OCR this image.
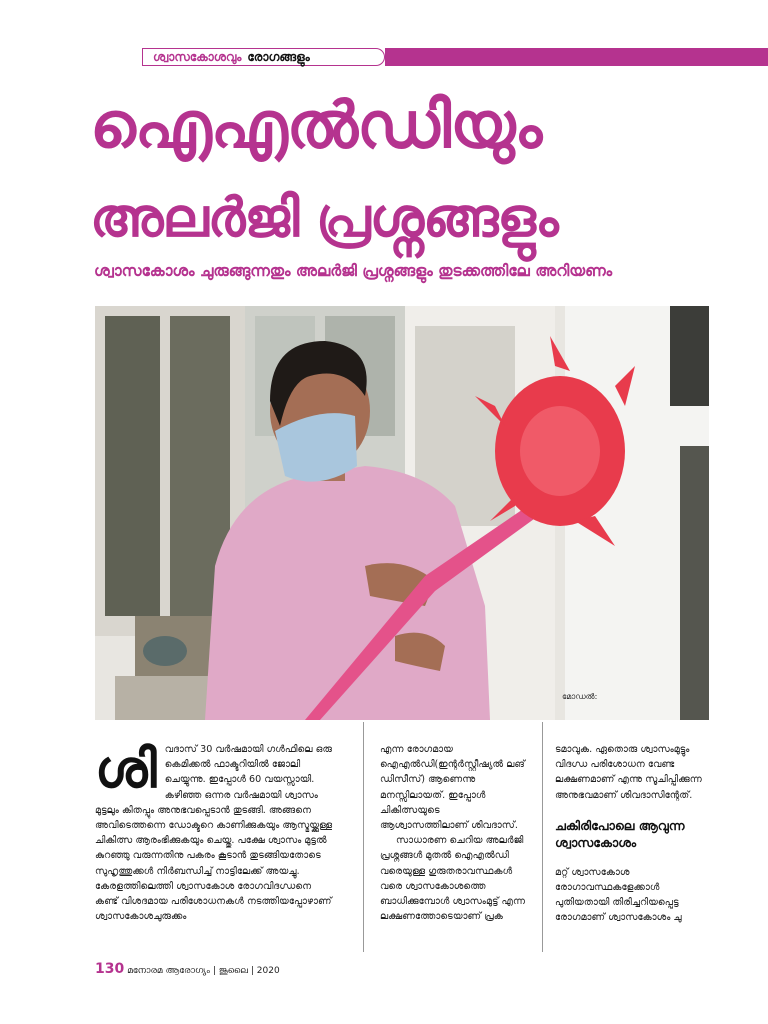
ശ്വാസകോശവും രോഗങ്ങളും
ഐഎൽഡിയും
അലർജി പ്രശ്നങ്ങളും
ശ്വാസകോശം ചുരുങ്ങുന്നതും അലർജി പ്രശ്നങ്ങളും തുടക്കത്തിലേ അറിയണം
മോഡൽ:
ശി വദാസ് 30 വർഷമായി ഗൾഫിലെ ഒരു കെമിക്കൽ ഫാക്ടറിയിൽ ജോലി ചെയ്യുന്നു. ഇപ്പോൾ 60 വയസ്സായി. കഴിഞ്ഞ ഒന്നര വർഷമായി ശ്വാസം മുട്ടലും കിതപ്പും അനുഭവപ്പെടാൻ തുടങ്ങി. അങ്ങനെ അവിടെത്തന്നെ ഡോക്ടറെ കാണിക്കുകയും ആസ്മയ്ക്കുള്ള ചികിത്സ ആരംഭിക്കുകയും ചെയ്തു. പക്ഷേ ശ്വാസം മുട്ടൽ കുറഞ്ഞു വരുന്നതിനു പകരം കൂടാൻ തുടങ്ങിയതോടെ സുഹൃത്തുക്കൾ നിർബന്ധിച്ച് നാട്ടിലേക്ക് അയച്ചു. കേരളത്തിലെത്തി ശ്വാസകോശ രോഗവിദഗ്ധനെ കണ്ട് വിശദമായ പരിശോധനകൾ നടത്തിയപ്പോഴാണ് ശ്വാസകോശചുരുക്കം

എന്ന രോഗമായ ഐഎൽഡി(ഇന്റർസ്റ്റീഷ്യൽ ലങ് ഡിസീസ്) ആണെന്നു മനസ്സിലായത്. ഇപ്പോൾ ചികിത്സയുടെ ആശ്വാസത്തിലാണ് ശിവദാസ്.

സാധാരണ ചെറിയ അലർജി പ്രശ്നങ്ങൾ മുതൽ ഐഎൽഡി വരെയുള്ള ഗുരുതരാവസ്ഥകൾ വരെ ശ്വാസകോശത്തെ ബാധിക്കുമ്പോൾ ശ്വാസംമുട്ട് എന്ന ലക്ഷണത്തോടെയാണ് പ്രക

ടമാവുക. ഏതൊരു ശ്വാസംമുട്ടും വിദഗ്ധ പരിശോധന വേണ്ട ലക്ഷണമാണ് എന്നു സൂചിപ്പിക്കുന്ന അനുഭവമാണ് ശിവദാസിന്റേത്.

ചകിരിപോലെ ആവുന്ന ശ്വാസകോശം

മറ്റ് ശ്വാസകോശ രോഗാവസ്ഥകളേക്കാൾ പുതിയതായി തിരിച്ചറിയപ്പെട്ട രോഗമാണ് ശ്വാസകോശം ചു

130 മനോരമ ആരോഗ്യം | ജൂലൈ | 2020
